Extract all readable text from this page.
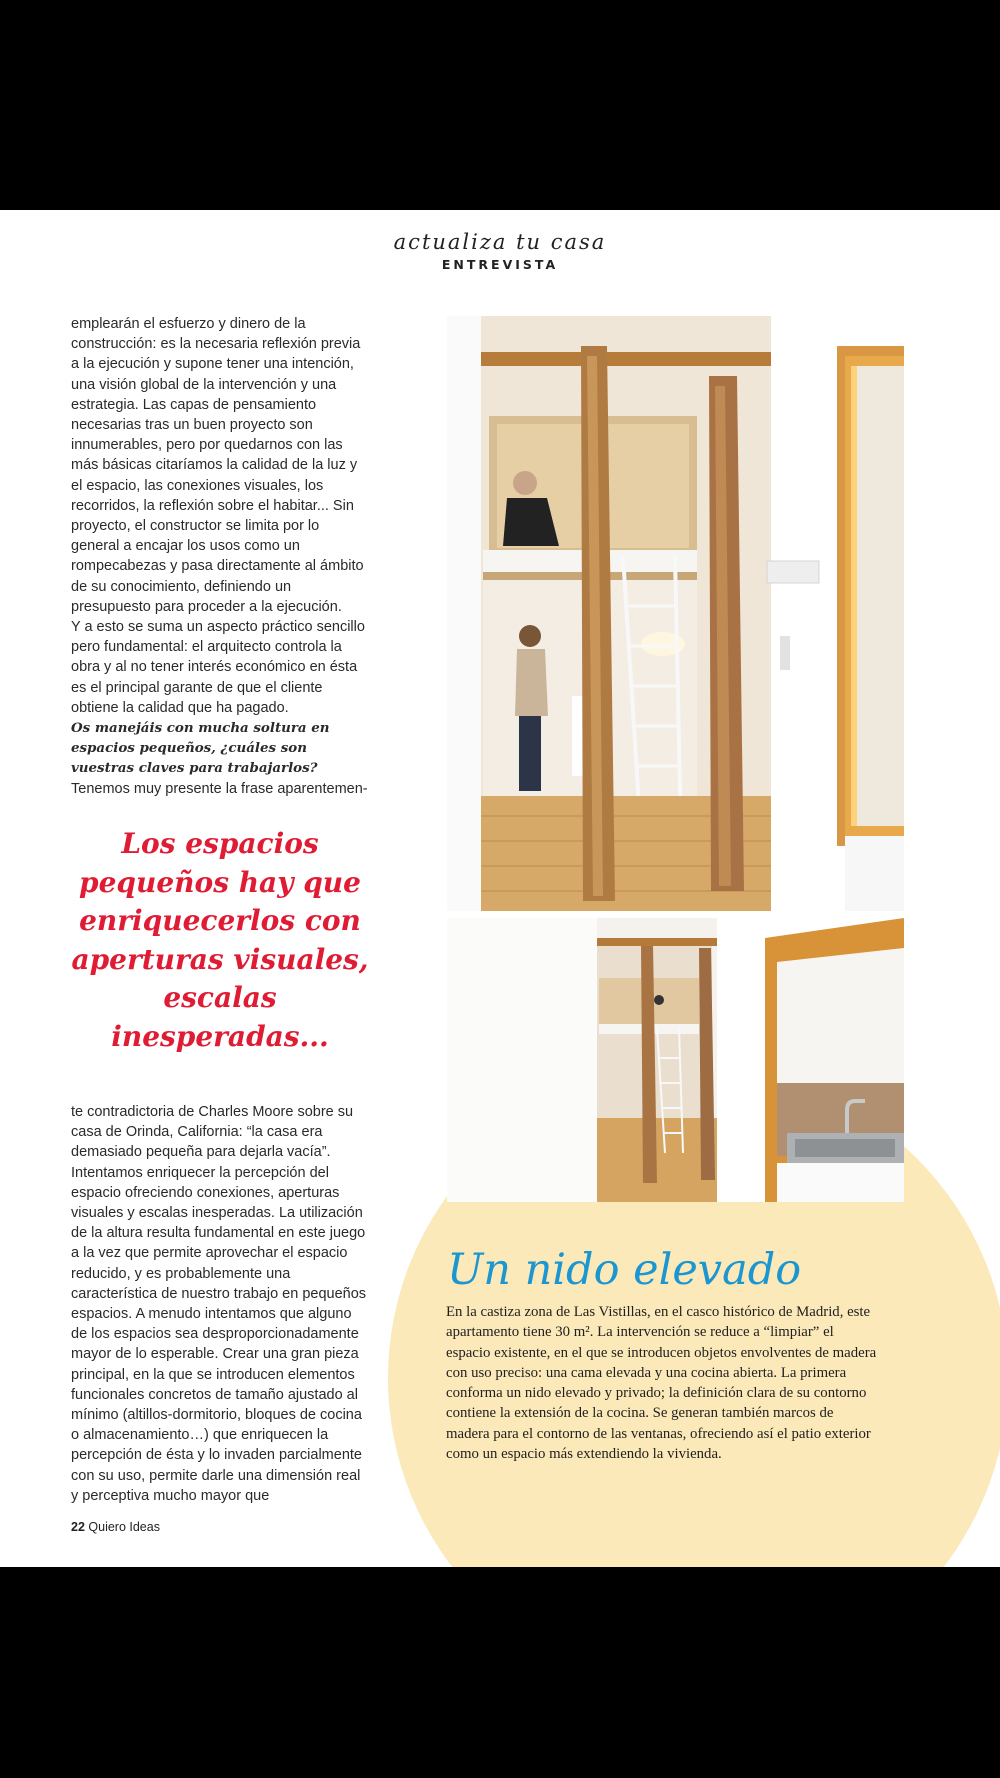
actualiza tu casa
ENTREVISTA

emplearán el esfuerzo y dinero de la construcción: es la necesaria reflexión previa a la ejecución y supone tener una intención, una visión global de la intervención y una estrategia. Las capas de pensamiento necesarias tras un buen proyecto son innumerables, pero por quedarnos con las más básicas citaríamos la calidad de la luz y el espacio, las conexiones visuales, los recorridos, la reflexión sobre el habitar... Sin proyecto, el constructor se limita por lo general a encajar los usos como un rompecabezas y pasa directamente al ámbito de su conocimiento, definiendo un presupuesto para proceder a la ejecución.

Y a esto se suma un aspecto práctico sencillo pero fundamental: el arquitecto controla la obra y al no tener interés económico en ésta es el principal garante de que el cliente obtiene la calidad que ha pagado.

Os manejáis con mucha soltura en espacios pequeños, ¿cuáles son vuestras claves para trabajarlos?

Tenemos muy presente la frase aparentemen-

Los espacios pequeños hay que enriquecerlos con aperturas visuales, escalas inesperadas...

te contradictoria de Charles Moore sobre su casa de Orinda, California: “la casa era demasiado pequeña para dejarla vacía”. Intentamos enriquecer la percepción del espacio ofreciendo conexiones, aperturas visuales y escalas inesperadas. La utilización de la altura resulta fundamental en este juego a la vez que permite aprovechar el espacio reducido, y es probablemente una característica de nuestro trabajo en pequeños espacios. A menudo intentamos que alguno de los espacios sea desproporcionadamente mayor de lo esperable. Crear una gran pieza principal, en la que se introducen elementos funcionales concretos de tamaño ajustado al mínimo (altillos-dormitorio, bloques de cocina o almacenamiento…) que enriquecen la percepción de ésta y lo invaden parcialmente con su uso, permite darle una dimensión real y perceptiva mucho mayor que

Un nido elevado
En la castiza zona de Las Vistillas, en el casco histórico de Madrid, este apartamento tiene 30 m². La intervención se reduce a “limpiar” el espacio existente, en el que se introducen objetos envolventes de madera con uso preciso: una cama elevada y una cocina abierta. La primera conforma un nido elevado y privado; la definición clara de su contorno contiene la extensión de la cocina. Se generan también marcos de madera para el contorno de las ventanas, ofreciendo así el patio exterior como un espacio más extendiendo la vivienda.
22 Quiero Ideas
